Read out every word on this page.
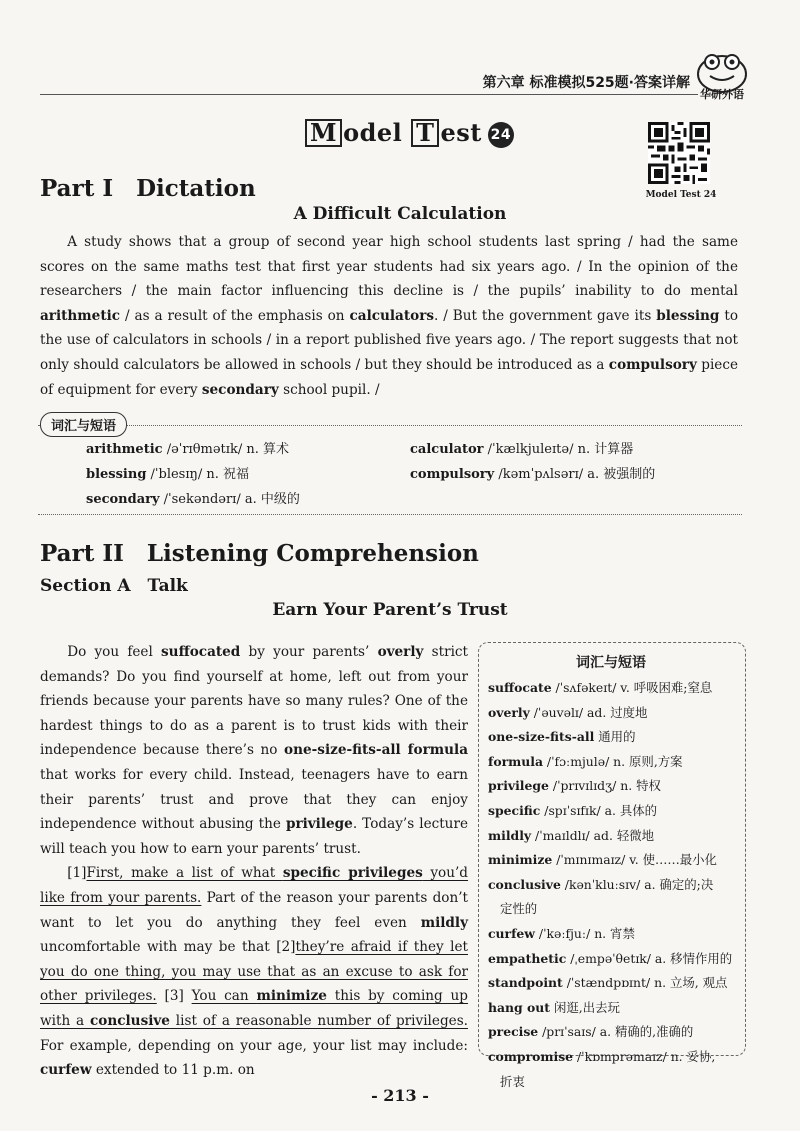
第六章 标准模拟525题·答案详解
华研外语
M odel T est 24
Model Test 24
Part I　Dictation
A Difficult Calculation

A study shows that a group of second year high school students last spring / had the same scores on the same maths test that first year students had six years ago. / In the opinion of the researchers / the main factor influencing this decline is / the pupils’ inability to do mental arithmetic / as a result of the emphasis on calculators. / But the government gave its blessing to the use of calculators in schools / in a report published five years ago. / The report suggests that not only should calculators be allowed in schools / but they should be introduced as a compulsory piece of equipment for every secondary school pupil. /

词汇与短语
arithmetic /əˈrɪθmətɪk/ n. 算术	calculator /ˈkælkjuleɪtə/ n. 计算器
blessing /ˈblesɪŋ/ n. 祝福	compulsory /kəmˈpʌlsərɪ/ a. 被强制的
secondary /ˈsekəndərɪ/ a. 中级的
Part II　Listening Comprehension
Section A　Talk
Earn Your Parent’s Trust

Do you feel suffocated by your parents’ overly strict demands? Do you find yourself at home, left out from your friends because your parents have so many rules? One of the hardest things to do as a parent is to trust kids with their independence because there’s no one-size-fits-all formula that works for every child. Instead, teenagers have to earn their parents’ trust and prove that they can enjoy independence without abusing the privilege. Today’s lecture will teach you how to earn your parents’ trust.

[1]First, make a list of what specific privileges you’d like from your parents. Part of the reason your parents don’t want to let you do anything they feel even mildly uncomfortable with may be that [2]they’re afraid if they let you do one thing, you may use that as an excuse to ask for other privileges. [3] You can minimize this by coming up with a conclusive list of a reasonable number of privileges. For example, depending on your age, your list may include: curfew extended to 11 p.m. on

词汇与短语
suffocate /ˈsʌfəkeɪt/ v. 呼吸困难;窒息
overly /ˈəuvəlɪ/ ad. 过度地
one-size-fits-all 通用的
formula /ˈfɔːmjulə/ n. 原则,方案
privilege /ˈprɪvɪlɪdʒ/ n. 特权
specific /spɪˈsɪfɪk/ a. 具体的
mildly /ˈmaɪldlɪ/ ad. 轻微地
minimize /ˈmɪnɪmaɪz/ v. 使……最小化
conclusive /kənˈkluːsɪv/ a. 确定的;决
定性的
curfew /ˈkəːfjuː/ n. 宵禁
empathetic /ˌempəˈθetɪk/ a. 移情作用的
standpoint /ˈstændpɒɪnt/ n. 立场, 观点
hang out 闲逛,出去玩
precise /prɪˈsaɪs/ a. 精确的,准确的
compromise /ˈkɒmprəmaɪz/ n. 妥协,
折衷
- 213 -
